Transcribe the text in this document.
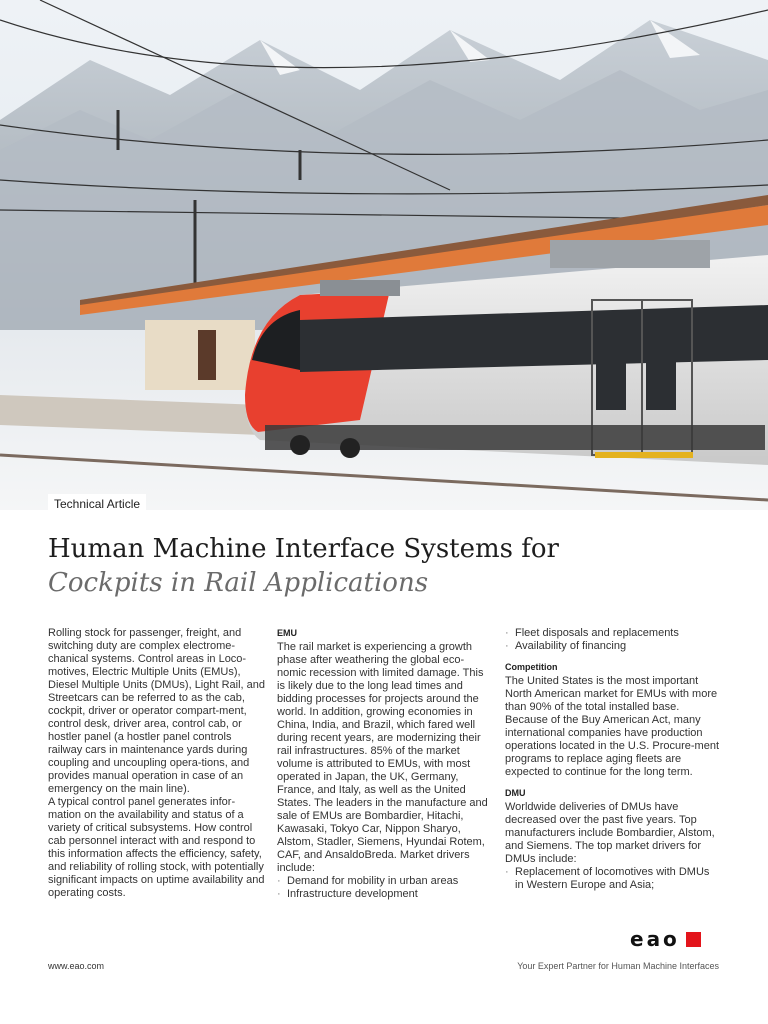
Technical Article
Human Machine Interface Systems for
Cockpits in Rail Applications

Rolling stock for passenger, freight, and switching duty are complex electrome-chanical systems. Control areas in Loco-motives, Electric Multiple Units (EMUs), Diesel Multiple Units (DMUs), Light Rail, and Streetcars can be referred to as the cab, cockpit, driver or operator compart-ment, control desk, driver area, control cab, or hostler panel (a hostler panel controls railway cars in maintenance yards during coupling and uncoupling opera-tions, and provides manual operation in case of an emergency on the main line).

A typical control panel generates infor-mation on the availability and status of a variety of critical subsystems. How control cab personnel interact with and respond to this information affects the efficiency, safety, and reliability of rolling stock, with potentially significant impacts on uptime availability and operating costs.

EMU

The rail market is experiencing a growth phase after weathering the global eco-nomic recession with limited damage. This is likely due to the long lead times and bidding processes for projects around the world. In addition, growing economies in China, India, and Brazil, which fared well during recent years, are modernizing their rail infrastructures. 85% of the market volume is attributed to EMUs, with most operated in Japan, the UK, Germany, France, and Italy, as well as the United States. The leaders in the manufacture and sale of EMUs are Bombardier, Hitachi, Kawasaki, Tokyo Car, Nippon Sharyo, Alstom, Stadler, Siemens, Hyundai Rotem, CAF, and AnsaldoBreda. Market drivers include:

· Demand for mobility in urban areas
· Infrastructure development
· Fleet disposals and replacements
· Availability of financing
Competition

The United States is the most important North American market for EMUs with more than 90% of the total installed base. Because of the Buy American Act, many international companies have production operations located in the U.S. Procure-ment programs to replace aging fleets are expected to continue for the long term.

DMU

Worldwide deliveries of DMUs have decreased over the past five years. Top manufacturers include Bombardier, Alstom, and Siemens. The top market drivers for DMUs include:

· Replacement of locomotives with DMUs in Western Europe and Asia;
eao
www.eao.com	Your Expert Partner for Human Machine Interfaces
